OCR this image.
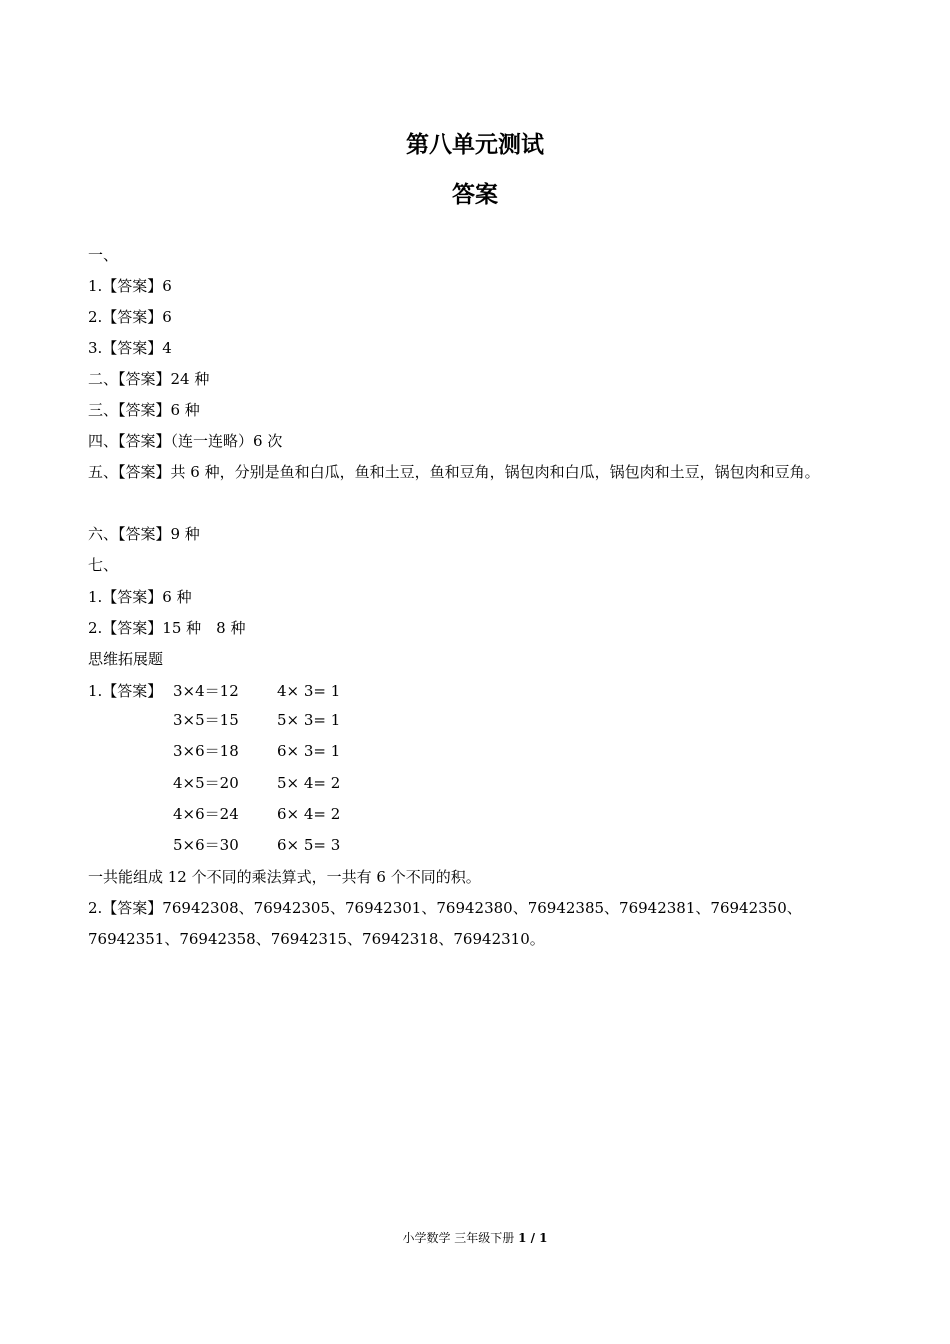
第八单元测试
答案
一、
1.【答案】6
2.【答案】6
3.【答案】4
二、【答案】24 种
三、【答案】6 种
四、【答案】（连一连略）6 次
五、【答案】共 6 种，分别是鱼和白瓜，鱼和土豆，鱼和豆角，锅包肉和白瓜，锅包肉和土豆，锅包肉和豆角。
六、【答案】9 种
七、
1.【答案】6 种
2.【答案】15 种　8 种
思维拓展题
1.【答案】 3×4＝12	4× 3= 1
3×5＝15	5× 3= 1
3×6＝18	6× 3= 1
4×5＝20	5× 4= 2
4×6＝24	6× 4= 2
5×6＝30	6× 5= 3
一共能组成 12 个不同的乘法算式，一共有 6 个不同的积。
2.【答案】76942308、76942305、76942301、76942380、76942385、76942381、76942350、76942351、76942358、76942315、76942318、76942310。
小学数学 三年级下册 1 / 1
